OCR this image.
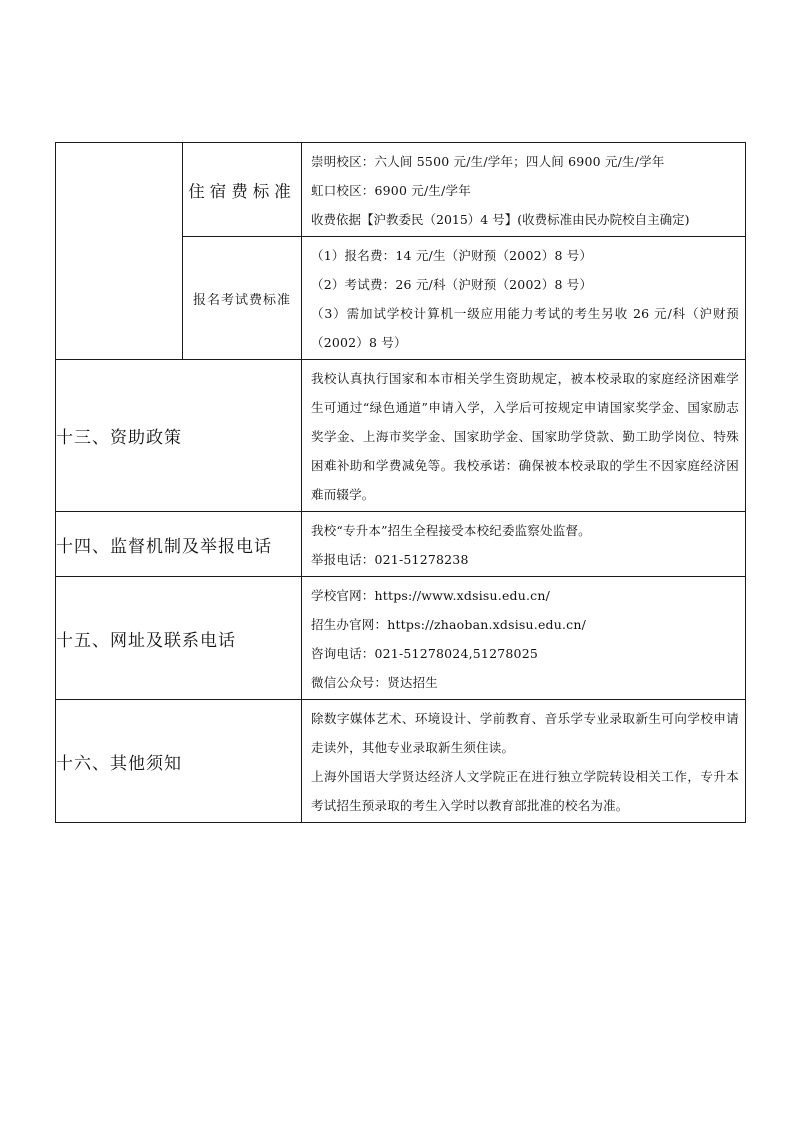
	住宿费标准	崇明校区：六人间 5500 元/生/学年；四人间 6900 元/生/学年
虹口校区：6900 元/生/学年
收费依据【沪教委民（2015）4 号】(收费标准由民办院校自主确定)

	报名考试费标准	（1）报名费：14 元/生（沪财预（2002）8 号）
（2）考试费：26 元/科（沪财预（2002）8 号）
（3）需加试学校计算机一级应用能力考试的考生另收 26 元/科（沪财预（2002）8 号）

十三、资助政策		我校认真执行国家和本市相关学生资助规定，被本校录取的家庭经济困难学生可通过“绿色通道”申请入学，入学后可按规定申请国家奖学金、国家励志奖学金、上海市奖学金、国家助学金、国家助学贷款、勤工助学岗位、特殊困难补助和学费减免等。我校承诺：确保被本校录取的学生不因家庭经济困难而辍学。

十四、监督机制及举报电话		我校“专升本”招生全程接受本校纪委监察处监督。
举报电话：021-51278238

十五、网址及联系电话		学校官网：https://www.xdsisu.edu.cn/
招生办官网：https://zhaoban.xdsisu.edu.cn/
咨询电话：021-51278024,51278025
微信公众号：贤达招生

十六、其他须知		除数字媒体艺术、环境设计、学前教育、音乐学专业录取新生可向学校申请走读外，其他专业录取新生须住读。
上海外国语大学贤达经济人文学院正在进行独立学院转设相关工作，专升本考试招生预录取的考生入学时以教育部批准的校名为准。
